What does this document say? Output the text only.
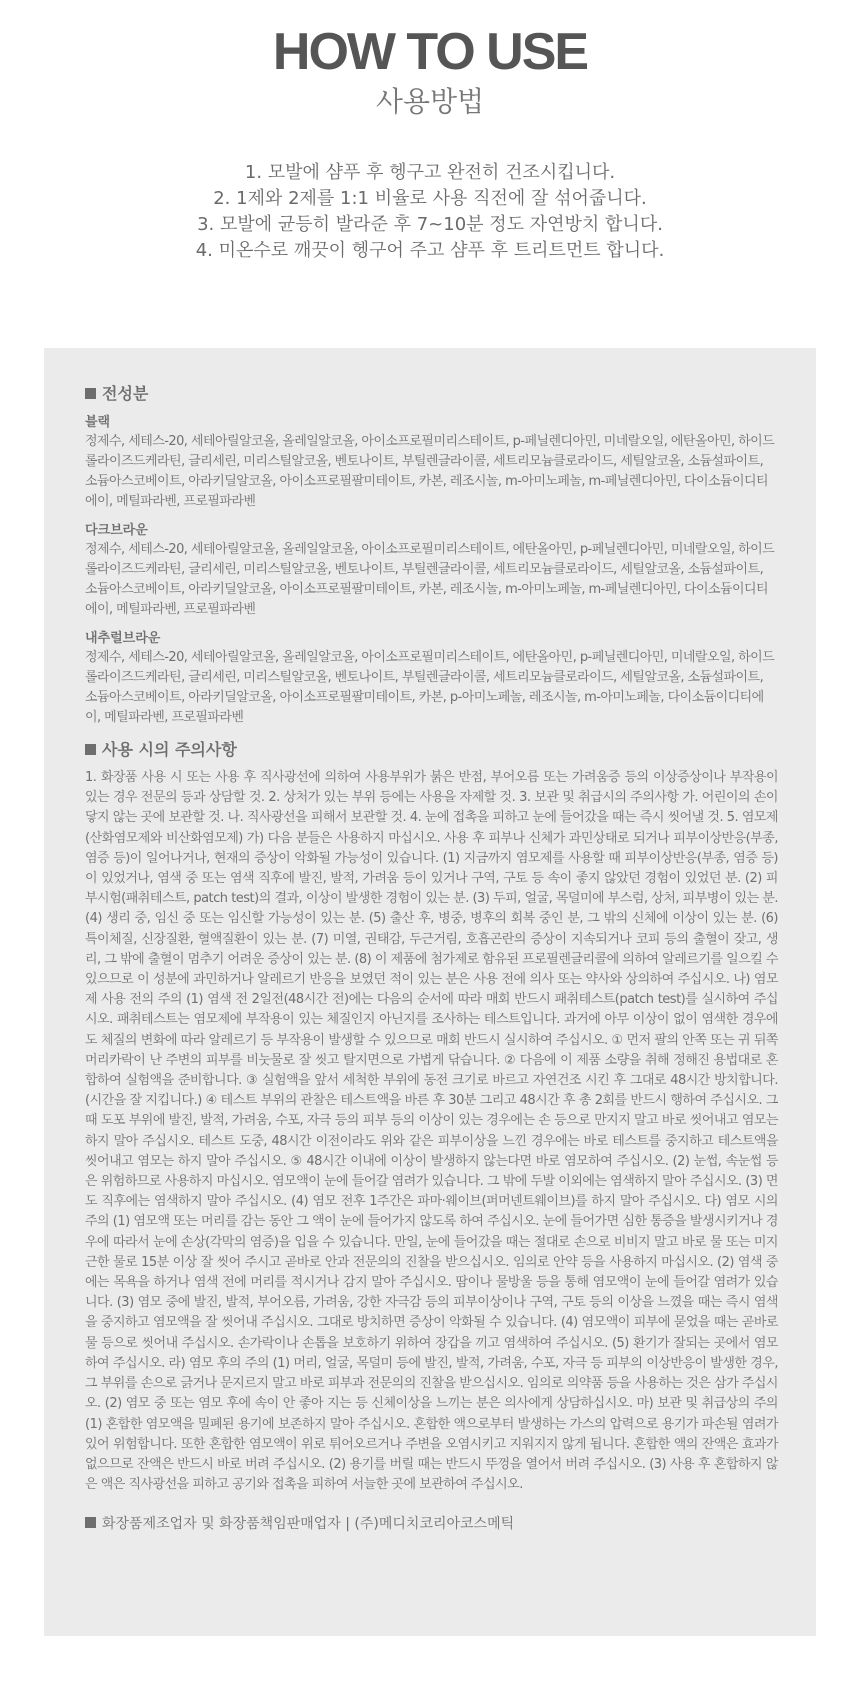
HOW TO USE
사용방법
1. 모발에 샴푸 후 헹구고 완전히 건조시킵니다.
2. 1제와 2제를 1:1 비율로 사용 직전에 잘 섞어줍니다.
3. 모발에 균등히 발라준 후 7~10분 정도 자연방치 합니다.
4. 미온수로 깨끗이 헹구어 주고 샴푸 후 트리트먼트 합니다.
전성분
블랙
정제수, 세테스-20, 세테아릴알코올, 올레일알코올, 아이소프로필미리스테이트, p-페닐렌디아민, 미네랄오일, 에탄올아민, 하이드롤라이즈드케라틴, 글리세린, 미리스틸알코올, 벤토나이트, 부틸렌글라이콜, 세트리모늄클로라이드, 세틸알코올, 소듐설파이트, 소듐아스코베이트, 아라키딜알코올, 아이소프로필팔미테이트, 카본, 레조시놀, m-아미노페놀, m-페닐렌디아민, 다이소듐이디티에이, 메틸파라벤, 프로필파라벤
다크브라운
정제수, 세테스-20, 세테아릴알코올, 올레일알코올, 아이소프로필미리스테이트, 에탄올아민, p-페닐렌디아민, 미네랄오일, 하이드롤라이즈드케라틴, 글리세린, 미리스틸알코올, 벤토나이트, 부틸렌글라이콜, 세트리모늄클로라이드, 세틸알코올, 소듐설파이트, 소듐아스코베이트, 아라키딜알코올, 아이소프로필팔미테이트, 카본, 레조시놀, m-아미노페놀, m-페닐렌디아민, 다이소듐이디티에이, 메틸파라벤, 프로필파라벤
내추럴브라운
정제수, 세테스-20, 세테아릴알코올, 올레일알코올, 아이소프로필미리스테이트, 에탄올아민, p-페닐렌디아민, 미네랄오일, 하이드롤라이즈드케라틴, 글리세린, 미리스틸알코올, 벤토나이트, 부틸렌글라이콜, 세트리모늄클로라이드, 세틸알코올, 소듐설파이트, 소듐아스코베이트, 아라키딜알코올, 아이소프로필팔미테이트, 카본, p-아미노페놀, 레조시놀, m-아미노페놀, 다이소듐이디티에이, 메틸파라벤, 프로필파라벤
사용 시의 주의사항
1. 화장품 사용 시 또는 사용 후 직사광선에 의하여 사용부위가 붉은 반점, 부어오름 또는 가려움증 등의 이상증상이나 부작용이 있는 경우 전문의 등과 상담할 것. 2. 상처가 있는 부위 등에는 사용을 자제할 것. 3. 보관 및 취급시의 주의사항 가. 어린이의 손이 닿지 않는 곳에 보관할 것. 나. 직사광선을 피해서 보관할 것. 4. 눈에 접촉을 피하고 눈에 들어갔을 때는 즉시 씻어낼 것. 5. 염모제(산화염모제와 비산화염모제) 가) 다음 분들은 사용하지 마십시오. 사용 후 피부나 신체가 과민상태로 되거나 피부이상반응(부종, 염증 등)이 일어나거나, 현재의 증상이 악화될 가능성이 있습니다. (1) 지금까지 염모제를 사용할 때 피부이상반응(부종, 염증 등)이 있었거나, 염색 중 또는 염색 직후에 발진, 발적, 가려움 등이 있거나 구역, 구토 등 속이 좋지 않았던 경험이 있었던 분. (2) 피부시험(패취테스트, patch test)의 결과, 이상이 발생한 경험이 있는 분. (3) 두피, 얼굴, 목덜미에 부스럼, 상처, 피부병이 있는 분. (4) 생리 중, 임신 중 또는 임신할 가능성이 있는 분. (5) 출산 후, 병중, 병후의 회복 중인 분, 그 밖의 신체에 이상이 있는 분. (6) 특이체질, 신장질환, 혈액질환이 있는 분. (7) 미열, 권태감, 두근거림, 호흡곤란의 증상이 지속되거나 코피 등의 출혈이 잦고, 생리, 그 밖에 출혈이 멈추기 어려운 증상이 있는 분. (8) 이 제품에 첨가제로 함유된 프로필렌글리콜에 의하여 알레르기를 일으킬 수 있으므로 이 성분에 과민하거나 알레르기 반응을 보였던 적이 있는 분은 사용 전에 의사 또는 약사와 상의하여 주십시오. 나) 염모제 사용 전의 주의 (1) 염색 전 2일전(48시간 전)에는 다음의 순서에 따라 매회 반드시 패취테스트(patch test)를 실시하여 주십시오. 패취테스트는 염모제에 부작용이 있는 체질인지 아닌지를 조사하는 테스트입니다. 과거에 아무 이상이 없이 염색한 경우에도 체질의 변화에 따라 알레르기 등 부작용이 발생할 수 있으므로 매회 반드시 실시하여 주십시오. ① 먼저 팔의 안쪽 또는 귀 뒤쪽 머리카락이 난 주변의 피부를 비눗물로 잘 씻고 탈지면으로 가볍게 닦습니다. ② 다음에 이 제품 소량을 취해 정해진 용법대로 혼합하여 실험액을 준비합니다. ③ 실험액을 앞서 세척한 부위에 동전 크기로 바르고 자연건조 시킨 후 그대로 48시간 방치합니다. (시간을 잘 지킵니다.) ④ 테스트 부위의 관찰은 테스트액을 바른 후 30분 그리고 48시간 후 총 2회를 반드시 행하여 주십시오. 그 때 도포 부위에 발진, 발적, 가려움, 수포, 자극 등의 피부 등의 이상이 있는 경우에는 손 등으로 만지지 말고 바로 씻어내고 염모는 하지 말아 주십시오. 테스트 도중, 48시간 이전이라도 위와 같은 피부이상을 느낀 경우에는 바로 테스트를 중지하고 테스트액을 씻어내고 염모는 하지 말아 주십시오. ⑤ 48시간 이내에 이상이 발생하지 않는다면 바로 염모하여 주십시오. (2) 눈썹, 속눈썹 등은 위험하므로 사용하지 마십시오. 염모액이 눈에 들어갈 염려가 있습니다. 그 밖에 두발 이외에는 염색하지 말아 주십시오. (3) 면도 직후에는 염색하지 말아 주십시오. (4) 염모 전후 1주간은 파마·웨이브(퍼머넨트웨이브)를 하지 말아 주십시오. 다) 염모 시의 주의 (1) 염모액 또는 머리를 감는 동안 그 액이 눈에 들어가지 않도록 하여 주십시오. 눈에 들어가면 심한 통증을 발생시키거나 경우에 따라서 눈에 손상(각막의 염증)을 입을 수 있습니다. 만일, 눈에 들어갔을 때는 절대로 손으로 비비지 말고 바로 물 또는 미지근한 물로 15분 이상 잘 씻어 주시고 곧바로 안과 전문의의 진찰을 받으십시오. 임의로 안약 등을 사용하지 마십시오. (2) 염색 중에는 목욕을 하거나 염색 전에 머리를 적시거나 감지 말아 주십시오. 땀이나 물방울 등을 통해 염모액이 눈에 들어갈 염려가 있습니다. (3) 염모 중에 발진, 발적, 부어오름, 가려움, 강한 자극감 등의 피부이상이나 구역, 구토 등의 이상을 느꼈을 때는 즉시 염색을 중지하고 염모액을 잘 씻어내 주십시오. 그대로 방치하면 증상이 악화될 수 있습니다. (4) 염모액이 피부에 묻었을 때는 곧바로 물 등으로 씻어내 주십시오. 손가락이나 손톱을 보호하기 위하여 장갑을 끼고 염색하여 주십시오. (5) 환기가 잘되는 곳에서 염모하여 주십시오. 라) 염모 후의 주의 (1) 머리, 얼굴, 목덜미 등에 발진, 발적, 가려움, 수포, 자극 등 피부의 이상반응이 발생한 경우, 그 부위를 손으로 긁거나 문지르지 말고 바로 피부과 전문의의 진찰을 받으십시오. 임의로 의약품 등을 사용하는 것은 삼가 주십시오. (2) 염모 중 또는 염모 후에 속이 안 좋아 지는 등 신체이상을 느끼는 분은 의사에게 상담하십시오. 마) 보관 및 취급상의 주의 (1) 혼합한 염모액을 밀폐된 용기에 보존하지 말아 주십시오. 혼합한 액으로부터 발생하는 가스의 압력으로 용기가 파손될 염려가 있어 위험합니다. 또한 혼합한 염모액이 위로 튀어오르거나 주변을 오염시키고 지워지지 않게 됩니다. 혼합한 액의 잔액은 효과가 없으므로 잔액은 반드시 바로 버려 주십시오. (2) 용기를 버릴 때는 반드시 뚜껑을 열어서 버려 주십시오. (3) 사용 후 혼합하지 않은 액은 직사광선을 피하고 공기와 접촉을 피하여 서늘한 곳에 보관하여 주십시오.
화장품제조업자 및 화장품책임판매업자 | (주)메디치코리아코스메틱
